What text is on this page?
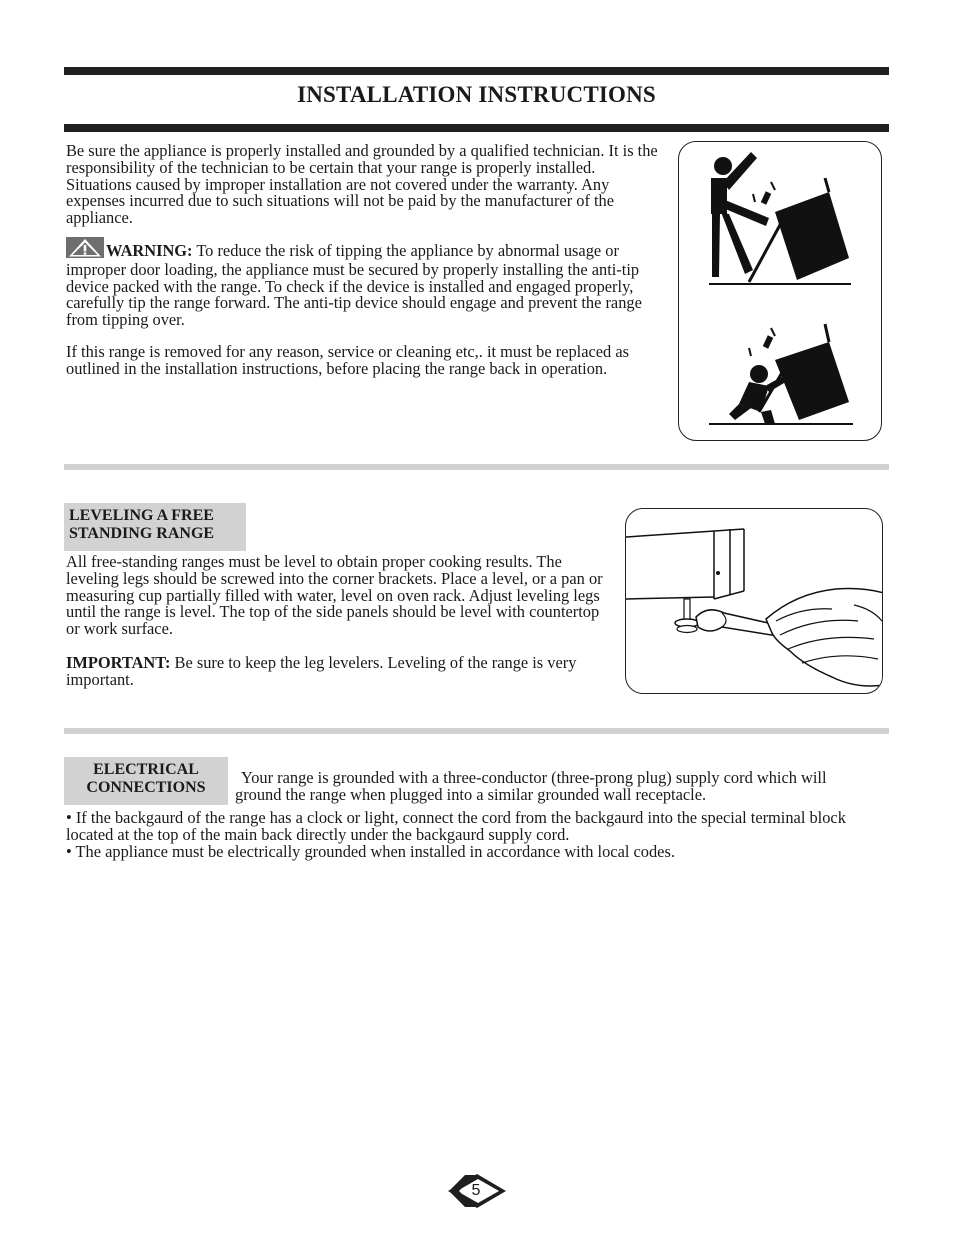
INSTALLATION INSTRUCTIONS

Be sure the appliance is properly installed and grounded by a qualified technician. It is the responsibility of the technician to be certain that your range is properly installed. Situations caused by improper installation are not covered under the warranty. Any expenses incurred due to such situations will not be paid by the manufacturer of the appliance.

WARNING: To reduce the risk of tipping the appliance by abnormal usage or improper door loading, the appliance must be secured by properly installing the anti-tip device packed with the range. To check if the device is installed and engaged properly, carefully tip the range forward. The anti-tip device should engage and prevent the range from tipping over.

If this range is removed for any reason, service or cleaning etc,. it must be replaced as outlined in the installation instructions, before placing the range back in operation.

LEVELING A FREE
STANDING RANGE

All free-standing ranges must be level to obtain proper cooking results. The leveling legs should be screwed into the corner brackets. Place a level, or a pan or measuring cup partially filled with water, level on oven rack. Adjust leveling legs until the range is level. The top of the side panels should be level with countertop or work surface.

IMPORTANT: Be sure to keep the leg levelers. Leveling of the range is very important.

ELECTRICAL
CONNECTIONS

Your range is grounded with a three-conductor (three-prong plug) supply cord which will ground the range when plugged into a similar grounded wall receptacle.

• If the backgaurd of the range has a clock or light, connect the cord from the backgaurd into the special terminal block located at the top of the main back directly under the backgaurd supply cord.

• The appliance must be electrically grounded when installed in accordance with local codes.

5
